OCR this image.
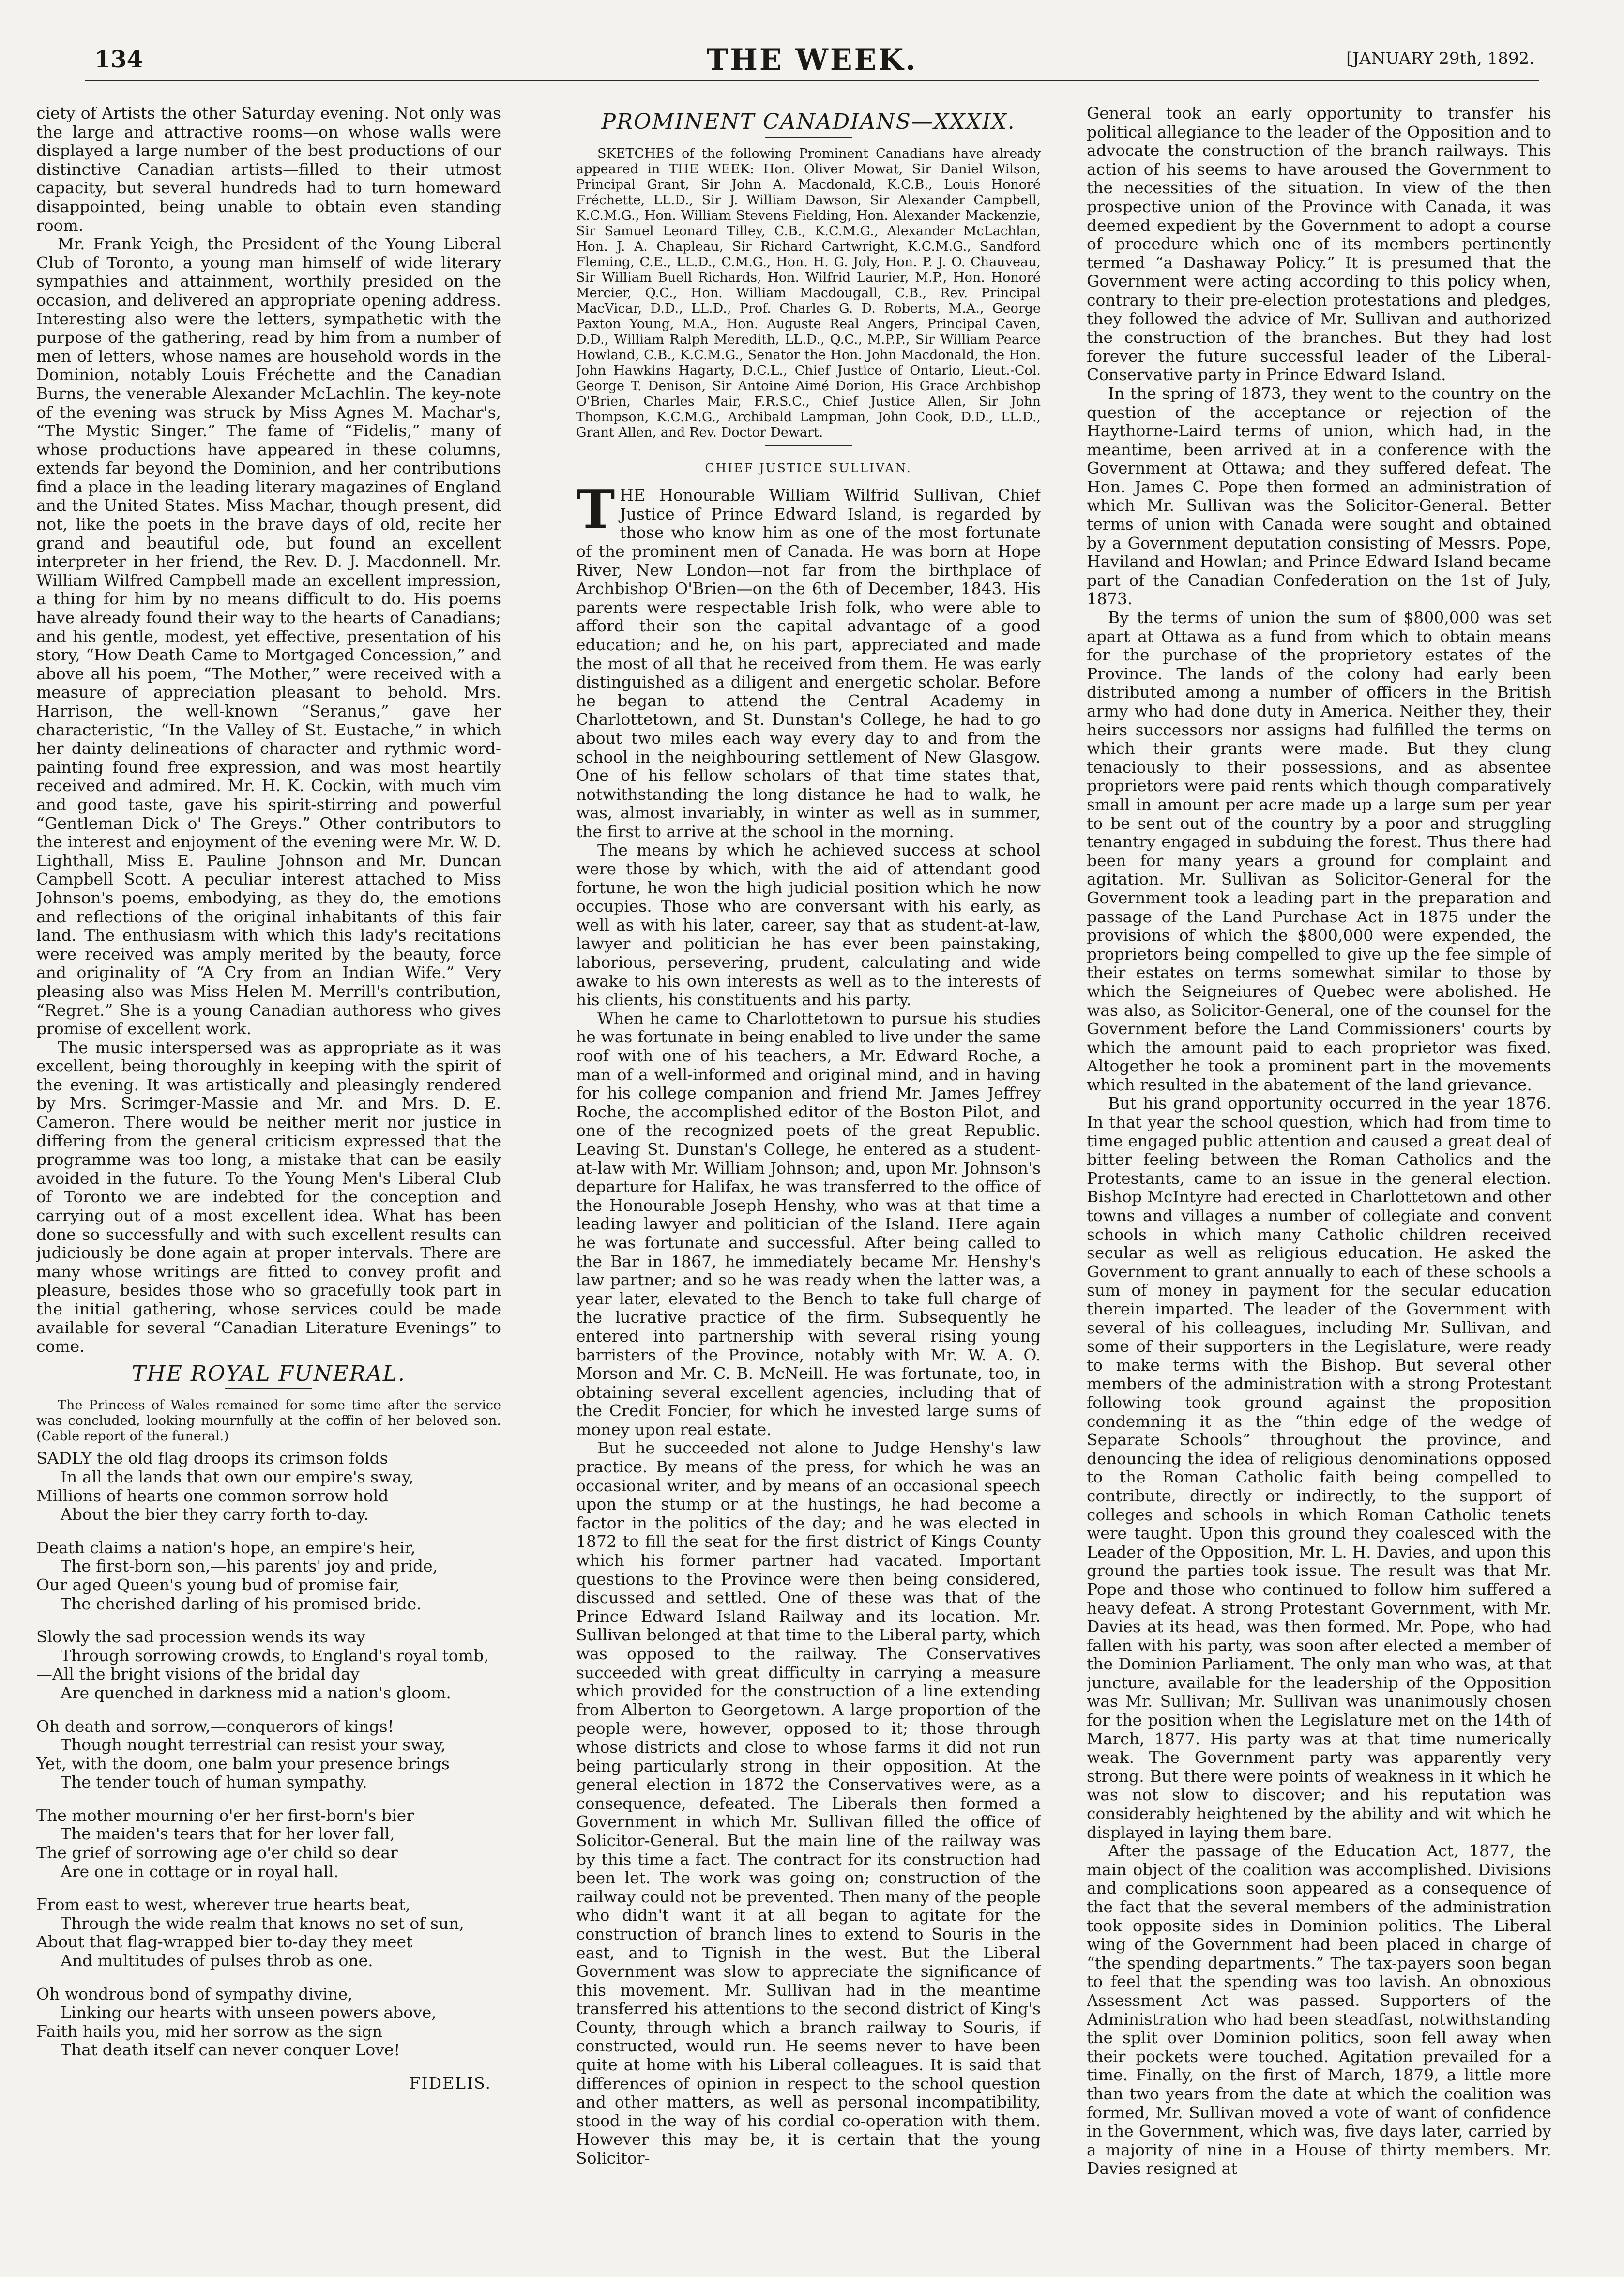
134	THE WEEK.	[JANUARY 29th, 1892.

ciety of Artists the other Saturday evening. Not only was the large and attractive rooms—on whose walls were displayed a large number of the best productions of our distinctive Canadian artists—filled to their utmost capacity, but several hundreds had to turn homeward disappointed, being unable to obtain even standing room.

Mr. Frank Yeigh, the President of the Young Liberal Club of Toronto, a young man himself of wide literary sympathies and attainment, worthily presided on the occasion, and delivered an appropriate opening address. Interesting also were the letters, sympathetic with the purpose of the gathering, read by him from a number of men of letters, whose names are household words in the Dominion, notably Louis Fréchette and the Canadian Burns, the venerable Alexander McLachlin. The key-note of the evening was struck by Miss Agnes M. Machar's, “The Mystic Singer.” The fame of “Fidelis,” many of whose productions have appeared in these columns, extends far beyond the Dominion, and her contributions find a place in the leading literary magazines of England and the United States. Miss Machar, though present, did not, like the poets in the brave days of old, recite her grand and beautiful ode, but found an excellent interpreter in her friend, the Rev. D. J. Macdonnell. Mr. William Wilfred Campbell made an excellent impression, a thing for him by no means difficult to do. His poems have already found their way to the hearts of Canadians; and his gentle, modest, yet effective, presentation of his story, “How Death Came to Mortgaged Concession,” and above all his poem, “The Mother,” were received with a measure of appreciation pleasant to behold. Mrs. Harrison, the well-known “Seranus,” gave her characteristic, “In the Valley of St. Eustache,” in which her dainty delineations of character and rythmic word-painting found free expression, and was most heartily received and admired. Mr. H. K. Cockin, with much vim and good taste, gave his spirit-stirring and powerful “Gentleman Dick o' The Greys.” Other contributors to the interest and enjoyment of the evening were Mr. W. D. Lighthall, Miss E. Pauline Johnson and Mr. Duncan Campbell Scott. A peculiar interest attached to Miss Johnson's poems, embodying, as they do, the emotions and reflections of the original inhabitants of this fair land. The enthusiasm with which this lady's recitations were received was amply merited by the beauty, force and originality of “A Cry from an Indian Wife.” Very pleasing also was Miss Helen M. Merrill's contribution, “Regret.” She is a young Canadian authoress who gives promise of excellent work.

The music interspersed was as appropriate as it was excellent, being thoroughly in keeping with the spirit of the evening. It was artistically and pleasingly rendered by Mrs. Scrimger-Massie and Mr. and Mrs. D. E. Cameron. There would be neither merit nor justice in differing from the general criticism expressed that the programme was too long, a mistake that can be easily avoided in the future. To the Young Men's Liberal Club of Toronto we are indebted for the conception and carrying out of a most excellent idea. What has been done so successfully and with such excellent results can judiciously be done again at proper intervals. There are many whose writings are fitted to convey profit and pleasure, besides those who so gracefully took part in the initial gathering, whose services could be made available for several “Canadian Literature Evenings” to come.

THE ROYAL FUNERAL.

The Princess of Wales remained for some time after the service was concluded, looking mournfully at the coffin of her beloved son. (Cable report of the funeral.)

SADLY the old flag droops its crimson folds
In all the lands that own our empire's sway,
Millions of hearts one common sorrow hold
About the bier they carry forth to-day.
Death claims a nation's hope, an empire's heir,
The first-born son,—his parents' joy and pride,
Our aged Queen's young bud of promise fair,
The cherished darling of his promised bride.
Slowly the sad procession wends its way
Through sorrowing crowds, to England's royal tomb,
—All the bright visions of the bridal day
Are quenched in darkness mid a nation's gloom.
Oh death and sorrow,—conquerors of kings!
Though nought terrestrial can resist your sway,
Yet, with the doom, one balm your presence brings
The tender touch of human sympathy.
The mother mourning o'er her first-born's bier
The maiden's tears that for her lover fall,
The grief of sorrowing age o'er child so dear
Are one in cottage or in royal hall.
From east to west, wherever true hearts beat,
Through the wide realm that knows no set of sun,
About that flag-wrapped bier to-day they meet
And multitudes of pulses throb as one.
Oh wondrous bond of sympathy divine,
Linking our hearts with unseen powers above,
Faith hails you, mid her sorrow as the sign
That death itself can never conquer Love!
FIDELIS.
PROMINENT CANADIANS—XXXIX.

SKETCHES of the following Prominent Canadians have already appeared in THE WEEK: Hon. Oliver Mowat, Sir Daniel Wilson, Principal Grant, Sir John A. Macdonald, K.C.B., Louis Honoré Fréchette, LL.D., Sir J. William Dawson, Sir Alexander Campbell, K.C.M.G., Hon. William Stevens Fielding, Hon. Alexander Mackenzie, Sir Samuel Leonard Tilley, C.B., K.C.M.G., Alexander McLachlan, Hon. J. A. Chapleau, Sir Richard Cartwright, K.C.M.G., Sandford Fleming, C.E., LL.D., C.M.G., Hon. H. G. Joly, Hon. P. J. O. Chauveau, Sir William Buell Richards, Hon. Wilfrid Laurier, M.P., Hon. Honoré Mercier, Q.C., Hon. William Macdougall, C.B., Rev. Principal MacVicar, D.D., LL.D., Prof. Charles G. D. Roberts, M.A., George Paxton Young, M.A., Hon. Auguste Real Angers, Principal Caven, D.D., William Ralph Meredith, LL.D., Q.C., M.P.P., Sir William Pearce Howland, C.B., K.C.M.G., Senator the Hon. John Macdonald, the Hon. John Hawkins Hagarty, D.C.L., Chief Justice of Ontario, Lieut.-Col. George T. Denison, Sir Antoine Aimé Dorion, His Grace Archbishop O'Brien, Charles Mair, F.R.S.C., Chief Justice Allen, Sir John Thompson, K.C.M.G., Archibald Lampman, John Cook, D.D., LL.D., Grant Allen, and Rev. Doctor Dewart.

CHIEF JUSTICE SULLIVAN.

THE Honourable William Wilfrid Sullivan, Chief Justice of Prince Edward Island, is regarded by those who know him as one of the most fortunate of the prominent men of Canada. He was born at Hope River, New London—not far from the birthplace of Archbishop O'Brien—on the 6th of December, 1843. His parents were respectable Irish folk, who were able to afford their son the capital advantage of a good education; and he, on his part, appreciated and made the most of all that he received from them. He was early distinguished as a diligent and energetic scholar. Before he began to attend the Central Academy in Charlottetown, and St. Dunstan's College, he had to go about two miles each way every day to and from the school in the neighbouring settlement of New Glasgow. One of his fellow scholars of that time states that, notwithstanding the long distance he had to walk, he was, almost invariably, in winter as well as in summer, the first to arrive at the school in the morning.

The means by which he achieved success at school were those by which, with the aid of attendant good fortune, he won the high judicial position which he now occupies. Those who are conversant with his early, as well as with his later, career, say that as student-at-law, lawyer and politician he has ever been painstaking, laborious, persevering, prudent, calculating and wide awake to his own interests as well as to the interests of his clients, his constituents and his party.

When he came to Charlottetown to pursue his studies he was fortunate in being enabled to live under the same roof with one of his teachers, a Mr. Edward Roche, a man of a well-informed and original mind, and in having for his college companion and friend Mr. James Jeffrey Roche, the accomplished editor of the Boston Pilot, and one of the recognized poets of the great Republic. Leaving St. Dunstan's College, he entered as a student-at-law with Mr. William Johnson; and, upon Mr. Johnson's departure for Halifax, he was transferred to the office of the Honourable Joseph Henshy, who was at that time a leading lawyer and politician of the Island. Here again he was fortunate and successful. After being called to the Bar in 1867, he immediately became Mr. Henshy's law partner; and so he was ready when the latter was, a year later, elevated to the Bench to take full charge of the lucrative practice of the firm. Subsequently he entered into partnership with several rising young barristers of the Province, notably with Mr. W. A. O. Morson and Mr. C. B. McNeill. He was fortunate, too, in obtaining several excellent agencies, including that of the Credit Foncier, for which he invested large sums of money upon real estate.

But he succeeded not alone to Judge Henshy's law practice. By means of the press, for which he was an occasional writer, and by means of an occasional speech upon the stump or at the hustings, he had become a factor in the politics of the day; and he was elected in 1872 to fill the seat for the first district of Kings County which his former partner had vacated. Important questions to the Province were then being considered, discussed and settled. One of these was that of the Prince Edward Island Railway and its location. Mr. Sullivan belonged at that time to the Liberal party, which was opposed to the railway. The Conservatives succeeded with great difficulty in carrying a measure which provided for the construction of a line extending from Alberton to Georgetown. A large proportion of the people were, however, opposed to it; those through whose districts and close to whose farms it did not run being particularly strong in their opposition. At the general election in 1872 the Conservatives were, as a consequence, defeated. The Liberals then formed a Government in which Mr. Sullivan filled the office of Solicitor-General. But the main line of the railway was by this time a fact. The contract for its construction had been let. The work was going on; construction of the railway could not be prevented. Then many of the people who didn't want it at all began to agitate for the construction of branch lines to extend to Souris in the east, and to Tignish in the west. But the Liberal Government was slow to appreciate the significance of this movement. Mr. Sullivan had in the meantime transferred his attentions to the second district of King's County, through which a branch railway to Souris, if constructed, would run. He seems never to have been quite at home with his Liberal colleagues. It is said that differences of opinion in respect to the school question and other matters, as well as personal incompatibility, stood in the way of his cordial co-operation with them. However this may be, it is certain that the young Solicitor-

General took an early opportunity to transfer his political allegiance to the leader of the Opposition and to advocate the construction of the branch railways. This action of his seems to have aroused the Government to the necessities of the situation. In view of the then prospective union of the Province with Canada, it was deemed expedient by the Government to adopt a course of procedure which one of its members pertinently termed “a Dashaway Policy.” It is presumed that the Government were acting according to this policy when, contrary to their pre-election protestations and pledges, they followed the advice of Mr. Sullivan and authorized the construction of the branches. But they had lost forever the future successful leader of the Liberal-Conservative party in Prince Edward Island.

In the spring of 1873, they went to the country on the question of the acceptance or rejection of the Haythorne-Laird terms of union, which had, in the meantime, been arrived at in a conference with the Government at Ottawa; and they suffered defeat. The Hon. James C. Pope then formed an administration of which Mr. Sullivan was the Solicitor-General. Better terms of union with Canada were sought and obtained by a Government deputation consisting of Messrs. Pope, Haviland and Howlan; and Prince Edward Island became part of the Canadian Confederation on the 1st of July, 1873.

By the terms of union the sum of $800,000 was set apart at Ottawa as a fund from which to obtain means for the purchase of the proprietory estates of the Province. The lands of the colony had early been distributed among a number of officers in the British army who had done duty in America. Neither they, their heirs successors nor assigns had fulfilled the terms on which their grants were made. But they clung tenaciously to their possessions, and as absentee proprietors were paid rents which though comparatively small in amount per acre made up a large sum per year to be sent out of the country by a poor and struggling tenantry engaged in subduing the forest. Thus there had been for many years a ground for complaint and agitation. Mr. Sullivan as Solicitor-General for the Government took a leading part in the preparation and passage of the Land Purchase Act in 1875 under the provisions of which the $800,000 were expended, the proprietors being compelled to give up the fee simple of their estates on terms somewhat similar to those by which the Seigneiures of Quebec were abolished. He was also, as Solicitor-General, one of the counsel for the Government before the Land Commissioners' courts by which the amount paid to each proprietor was fixed. Altogether he took a prominent part in the movements which resulted in the abatement of the land grievance.

But his grand opportunity occurred in the year 1876. In that year the school question, which had from time to time engaged public attention and caused a great deal of bitter feeling between the Roman Catholics and the Protestants, came to an issue in the general election. Bishop McIntyre had erected in Charlottetown and other towns and villages a number of collegiate and convent schools in which many Catholic children received secular as well as religious education. He asked the Government to grant annually to each of these schools a sum of money in payment for the secular education therein imparted. The leader of the Government with several of his colleagues, including Mr. Sullivan, and some of their supporters in the Legislature, were ready to make terms with the Bishop. But several other members of the administration with a strong Protestant following took ground against the proposition condemning it as the “thin edge of the wedge of Separate Schools” throughout the province, and denouncing the idea of religious denominations opposed to the Roman Catholic faith being compelled to contribute, directly or indirectly, to the support of colleges and schools in which Roman Catholic tenets were taught. Upon this ground they coalesced with the Leader of the Opposition, Mr. L. H. Davies, and upon this ground the parties took issue. The result was that Mr. Pope and those who continued to follow him suffered a heavy defeat. A strong Protestant Government, with Mr. Davies at its head, was then formed. Mr. Pope, who had fallen with his party, was soon after elected a member of the Dominion Parliament. The only man who was, at that juncture, available for the leadership of the Opposition was Mr. Sullivan; Mr. Sullivan was unanimously chosen for the position when the Legislature met on the 14th of March, 1877. His party was at that time numerically weak. The Government party was apparently very strong. But there were points of weakness in it which he was not slow to discover; and his reputation was considerably heightened by the ability and wit which he displayed in laying them bare.

After the passage of the Education Act, 1877, the main object of the coalition was accomplished. Divisions and complications soon appeared as a consequence of the fact that the several members of the administration took opposite sides in Dominion politics. The Liberal wing of the Government had been placed in charge of “the spending departments.” The tax-payers soon began to feel that the spending was too lavish. An obnoxious Assessment Act was passed. Supporters of the Administration who had been steadfast, notwithstanding the split over Dominion politics, soon fell away when their pockets were touched. Agitation prevailed for a time. Finally, on the first of March, 1879, a little more than two years from the date at which the coalition was formed, Mr. Sullivan moved a vote of want of confidence in the Government, which was, five days later, carried by a majority of nine in a House of thirty members. Mr. Davies resigned at
